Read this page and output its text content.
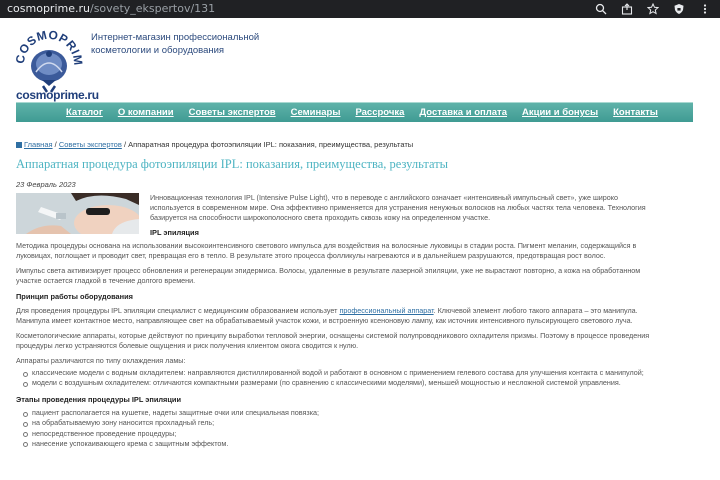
cosmoprime.ru/sovety_ekspertov/131
COSMOPRIM
cosmoprime.ru
Интернет-магазин профессиональной косметологии и оборудования
Каталог О компании Советы экспертов Семинары Рассрочка Доставка и оплата Акции и бонусы Контакты
Главная / Советы экспертов / Аппаратная процедура фотоэпиляции IPL: показания, преимущества, результаты
Аппаратная процедура фотоэпиляции IPL: показания, преимущества, результаты
23 Февраль 2023
Инновационная технология IPL (Intensive Pulse Light), что в переводе с английского означает «интенсивный импульсный свет», уже широко
используется в современном мире. Она эффективно применяется для устранения ненужных волосков на любых частях тела человека. Технология
базируется на способности широкополосного света проходить сквозь кожу на определенном участке.
IPL эпиляция
Методика процедуры основана на использовании высокоинтенсивного светового импульса для воздействия на волосяные луковицы в стадии роста. Пигмент меланин, содержащийся в
луковицах, поглощает и проводит свет, превращая его в тепло. В результате этого процесса фолликулы нагреваются и в дальнейшем разрушаются, предотвращая рост волос.
Импульс света активизирует процесс обновления и регенерации эпидермиса. Волосы, удаленные в результате лазерной эпиляции, уже не вырастают повторно, а кожа на обработанном
участке остается гладкой в течение долгого времени.
Принцип работы оборудования
Для проведения процедуры IPL эпиляции специалист с медицинским образованием использует профессиональный аппарат. Ключевой элемент любого такого аппарата – это манипула.
Манипула имеет контактное место, направляющее свет на обрабатываемый участок кожи, и встроенную ксеноновую лампу, как источник интенсивного пульсирующего светового луча.
Косметологические аппараты, которые действуют по принципу выработки тепловой энергии, оснащены системой полупроводникового охладителя призмы. Поэтому в процессе проведения
процедуры легко устраняются болевые ощущения и риск получения клиентом ожога сводится к нулю.
Аппараты различаются по типу охлаждения ламы:
классические модели с водным охладителем: направляются дистиллированной водой и работают в основном с применением гелевого состава для улучшения контакта с манипулой;
модели с воздушным охладителем: отличаются компактными размерами (по сравнению с классическими моделями), меньшей мощностью и несложной системой управления.
Этапы проведения процедуры IPL эпиляции
пациент располагается на кушетке, надеты защитные очки или специальная повязка;
на обрабатываемую зону наносится прохладный гель;
непосредственное проведение процедуры;
нанесение успокаивающего крема с защитным эффектом.
